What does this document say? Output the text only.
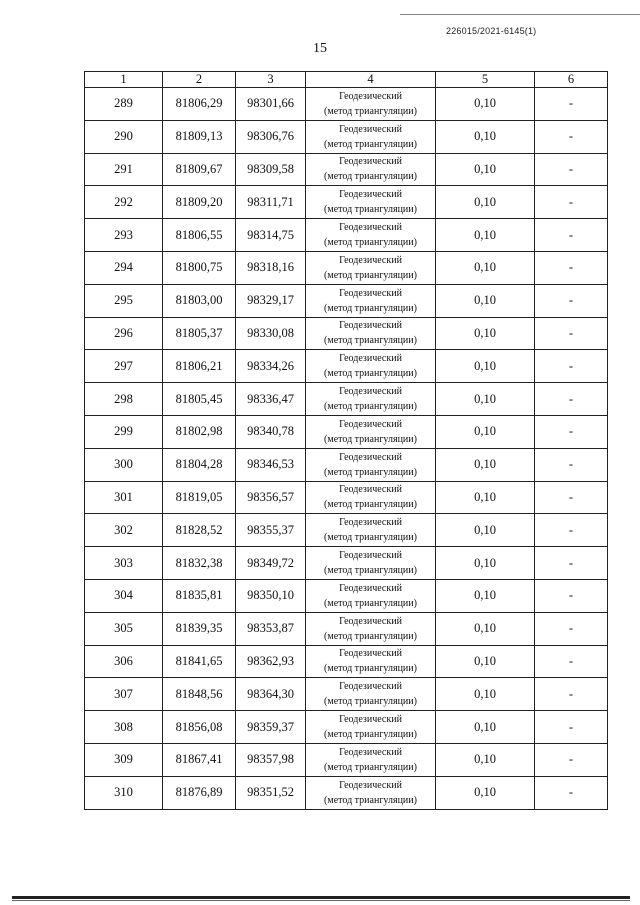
226015/2021-6145(1)
15
1	2	3	4	5	6
289	81806,29	98301,66	Геодезический
(метод триангуляции)	0,10	-
290	81809,13	98306,76	Геодезический
(метод триангуляции)	0,10	-
291	81809,67	98309,58	Геодезический
(метод триангуляции)	0,10	-
292	81809,20	98311,71	Геодезический
(метод триангуляции)	0,10	-
293	81806,55	98314,75	Геодезический
(метод триангуляции)	0,10	-
294	81800,75	98318,16	Геодезический
(метод триангуляции)	0,10	-
295	81803,00	98329,17	Геодезический
(метод триангуляции)	0,10	-
296	81805,37	98330,08	Геодезический
(метод триангуляции)	0,10	-
297	81806,21	98334,26	Геодезический
(метод триангуляции)	0,10	-
298	81805,45	98336,47	Геодезический
(метод триангуляции)	0,10	-
299	81802,98	98340,78	Геодезический
(метод триангуляции)	0,10	-
300	81804,28	98346,53	Геодезический
(метод триангуляции)	0,10	-
301	81819,05	98356,57	Геодезический
(метод триангуляции)	0,10	-
302	81828,52	98355,37	Геодезический
(метод триангуляции)	0,10	-
303	81832,38	98349,72	Геодезический
(метод триангуляции)	0,10	-
304	81835,81	98350,10	Геодезический
(метод триангуляции)	0,10	-
305	81839,35	98353,87	Геодезический
(метод триангуляции)	0,10	-
306	81841,65	98362,93	Геодезический
(метод триангуляции)	0,10	-
307	81848,56	98364,30	Геодезический
(метод триангуляции)	0,10	-
308	81856,08	98359,37	Геодезический
(метод триангуляции)	0,10	-
309	81867,41	98357,98	Геодезический
(метод триангуляции)	0,10	-
310	81876,89	98351,52	Геодезический
(метод триангуляции)	0,10	-
